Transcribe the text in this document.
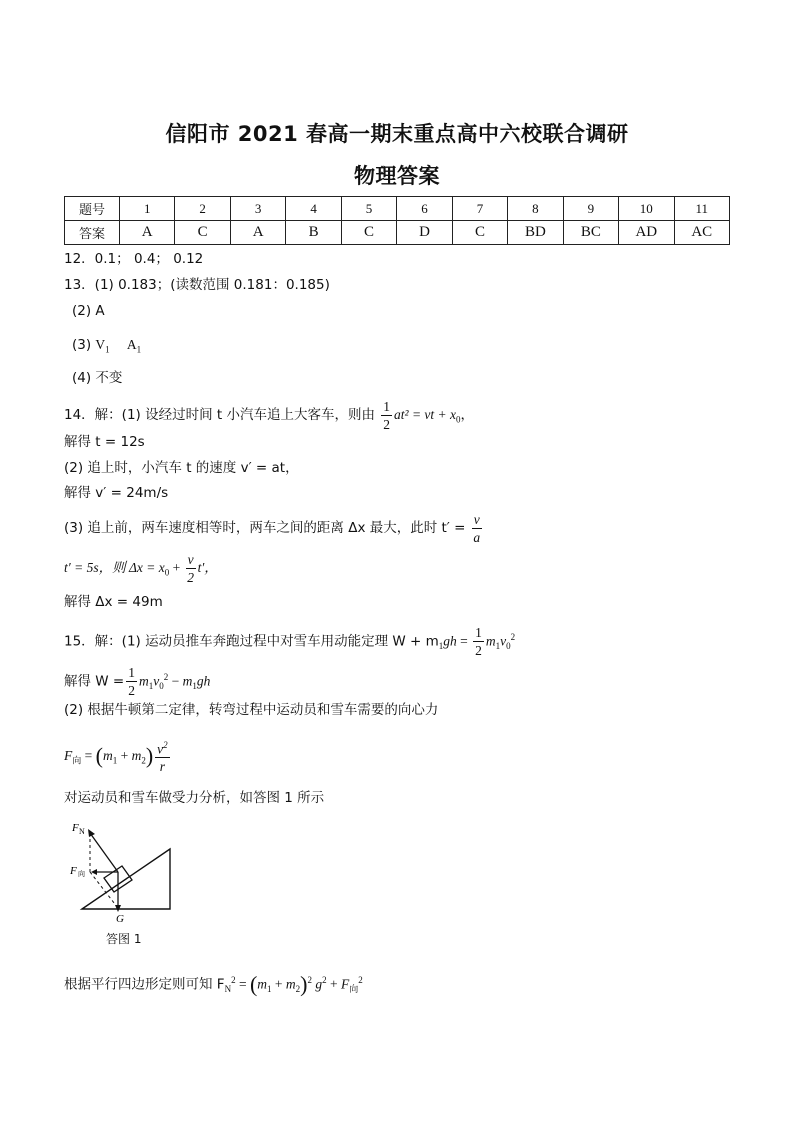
信阳市 2021 春高一期末重点高中六校联合调研
物理答案
题号	1	2	3	4	5	6	7	8	9	10	11
答案	A	C	A	B	C	D	C	BD	BC	AD	AC
12．0.1； 0.4； 0.12
13．(1) 0.183；(读数范围 0.181：0.185)
(2) A
(3) $V_1$ $A_1$
(4) 不变
14．解：(1) 设经过时间 t 小汽车追上大客车，则由 $\frac{1}{2} at^2$ = vt + $x_0$，
解得 t = 12s
(2) 追上时，小汽车 t 的速度 v′ = at，
解得 v′ = 24m/s
(3) 追上前，两车速度相等时，两车之间的距离 Δx 最大，此时 $t' = \frac{v}{a}$
t′ = 5s，则 $\Delta x = x_0 + \frac{v}{2} t'$，
解得 Δx = 49m
15．解：(1) 运动员推车奔跑过程中对雪车用动能定理 $W + m_1gh = \frac{1}{2} m_1v_0^2$
解得 $W = \frac{1}{2} m_1v_0^2 - m_1gh$
(2) 根据牛顿第二定律，转弯过程中运动员和雪车需要的向心力
$F_向 = (m_1 + m_2) \frac{v^2}{r}$
对运动员和雪车做受力分析，如答图 1 所示
F N
F 向
G
答图 1
根据平行四边形定则可知 $F_N^2 = (m_1 + m_2)^2$ $g^2 + F_向^2$
